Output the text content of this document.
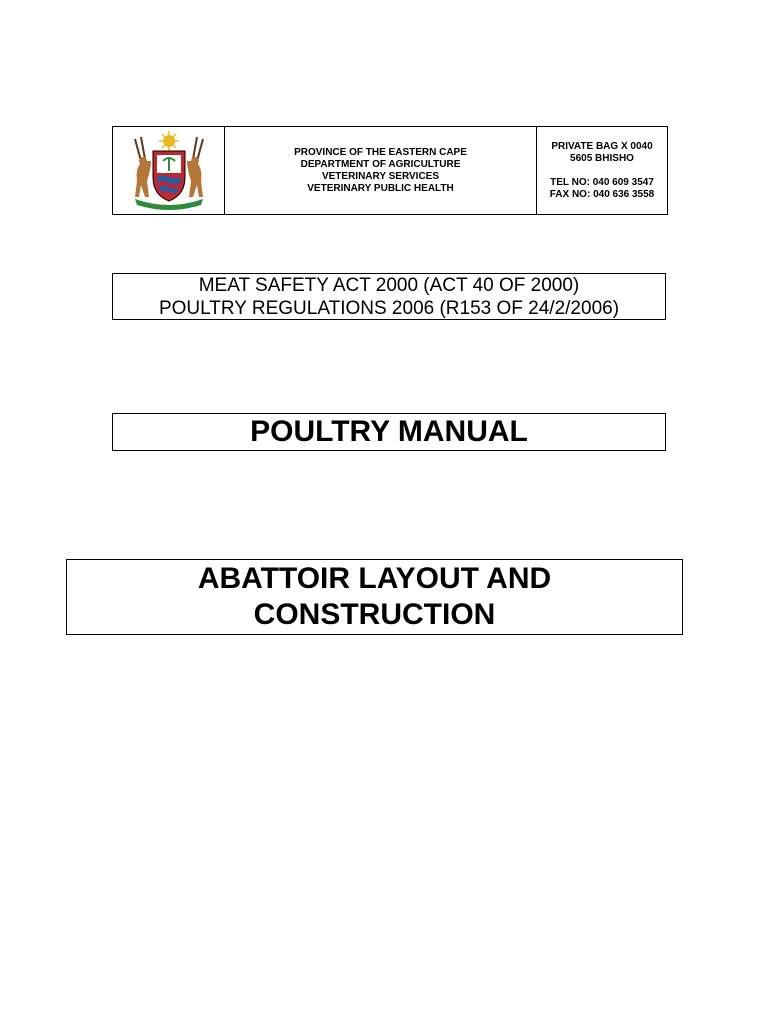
PROVINCE OF THE EASTERN CAPE
DEPARTMENT OF AGRICULTURE
VETERINARY SERVICES
VETERINARY PUBLIC HEALTH
PRIVATE BAG X 0040
5605 BHISHO
TEL NO: 040 609 3547
FAX NO: 040 636 3558
MEAT SAFETY ACT 2000 (ACT 40 OF 2000)
POULTRY REGULATIONS 2006 (R153 OF 24/2/2006)
POULTRY MANUAL
ABATTOIR LAYOUT AND
CONSTRUCTION
